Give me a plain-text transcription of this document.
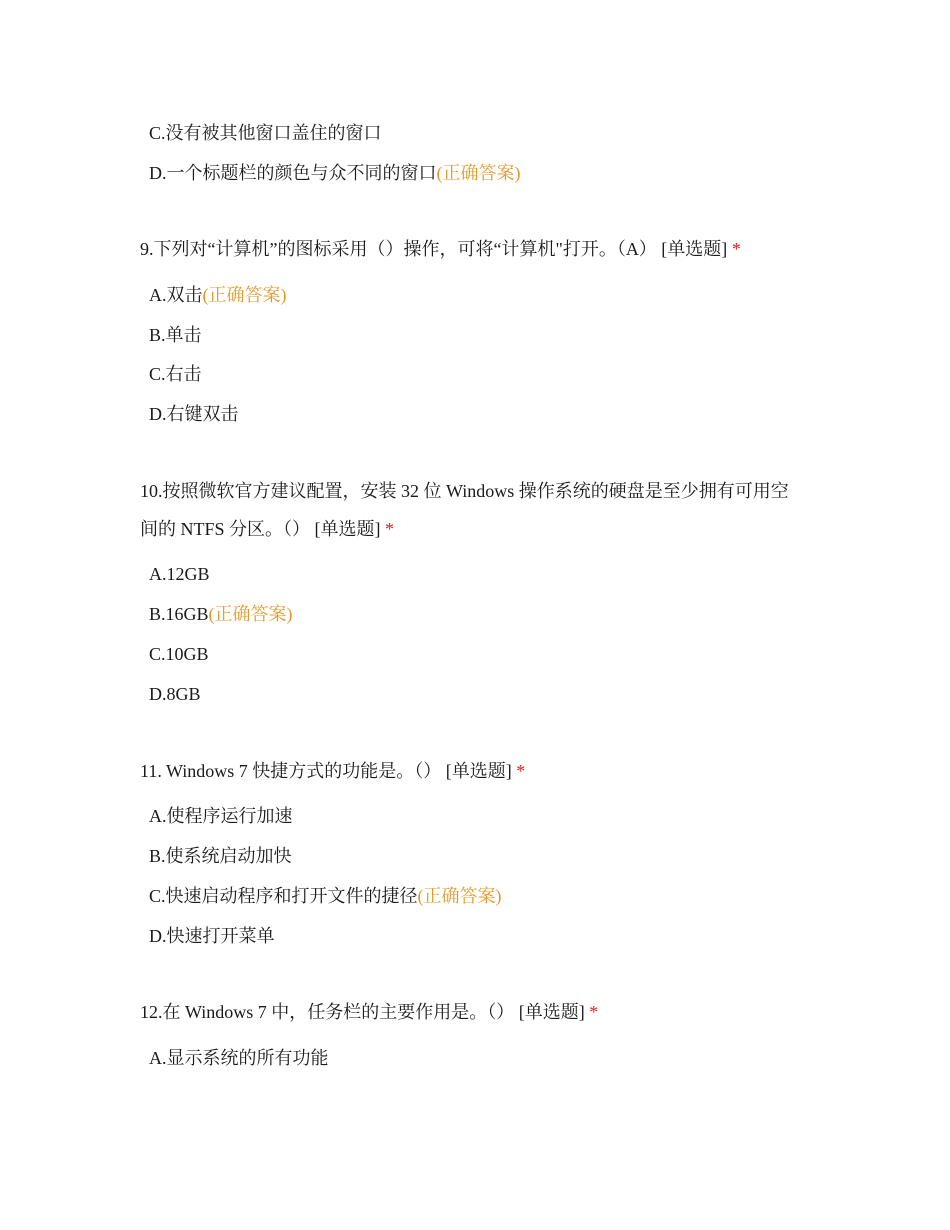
C.没有被其他窗口盖住的窗口
D.一个标题栏的颜色与众不同的窗口(正确答案)
9.下列对“计算机”的图标采用（）操作，可将“计算机"打开。（A） [单选题] *
A.双击(正确答案)
B.单击
C.右击
D.右键双击
10.按照微软官方建议配置，安装 32 位 Windows 操作系统的硬盘是至少拥有可用空
间的 NTFS 分区。（） [单选题] *
A.12GB
B.16GB(正确答案)
C.10GB
D.8GB
11. Windows 7 快捷方式的功能是。（） [单选题] *
A.使程序运行加速
B.使系统启动加快
C.快速启动程序和打开文件的捷径(正确答案)
D.快速打开菜单
12.在 Windows 7 中，任务栏的主要作用是。（） [单选题] *
A.显示系统的所有功能
